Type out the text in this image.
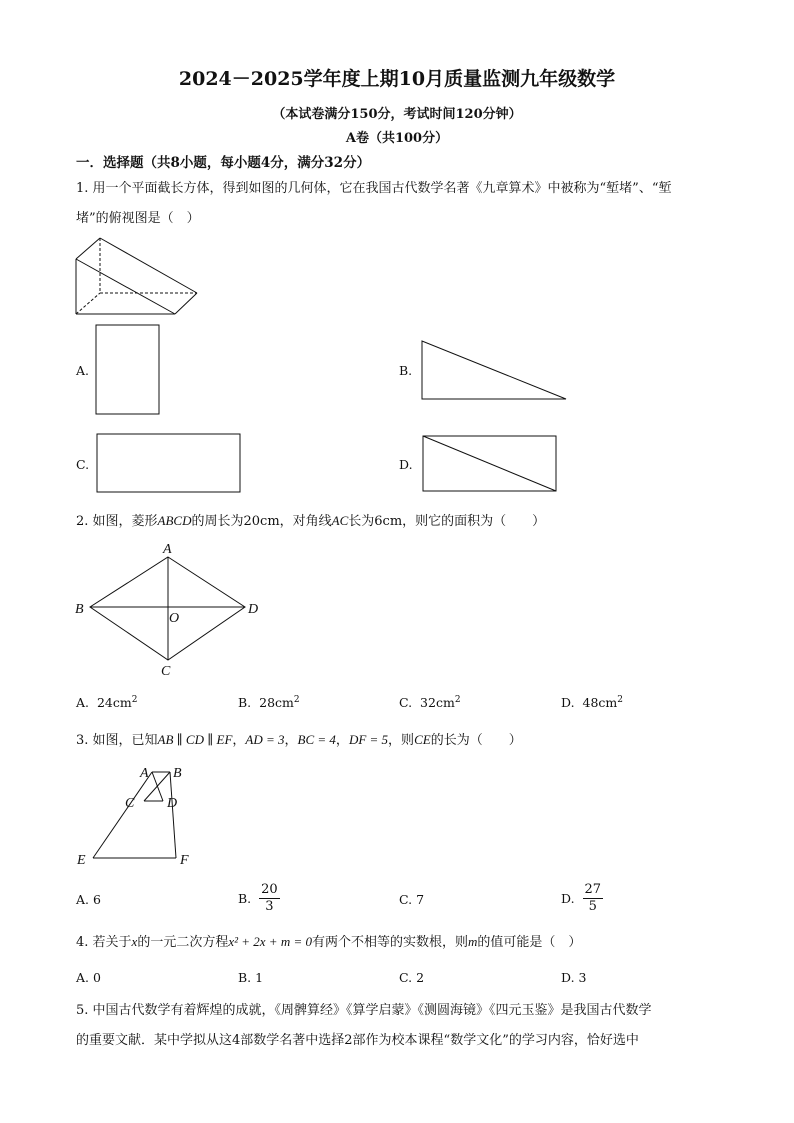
2024－2025学年度上期10月质量监测九年级数学
（本试卷满分150分，考试时间120分钟）
A卷（共100分）
一．选择题（共8小题，每小题4分，满分32分）
1. 用一个平面截长方体，得到如图的几何体，它在我国古代数学名著《九章算术》中被称为“堑堵”、“堑
堵”的俯视图是（　）
A.	B.
C.	D.
2. 如图，菱形ABCD的周长为20cm，对角线AC长为6cm，则它的面积为（　　）
A
B	D
O
C
A. $24cm^2$	B. $28cm^2$	C. $32cm^2$	D. $48cm^2$
3. 如图，已知AB ∥ CD ∥ EF，AD = 3，BC = 4，DF = 5，则CE的长为（　　）
A B
C D
E	F
A. 6	B. $\frac{20}{3}$	C. 7	D. $\frac{27}{5}$
4. 若关于x的一元二次方程x² + 2x + m = 0有两个不相等的实数根，则m的值可能是（　）
A. 0	B. 1	C. 2	D. 3
5. 中国古代数学有着辉煌的成就，《周髀算经》《算学启蒙》《测圆海镜》《四元玉鉴》是我国古代数学
的重要文献．某中学拟从这4部数学名著中选择2部作为校本课程“数学文化”的学习内容，恰好选中
